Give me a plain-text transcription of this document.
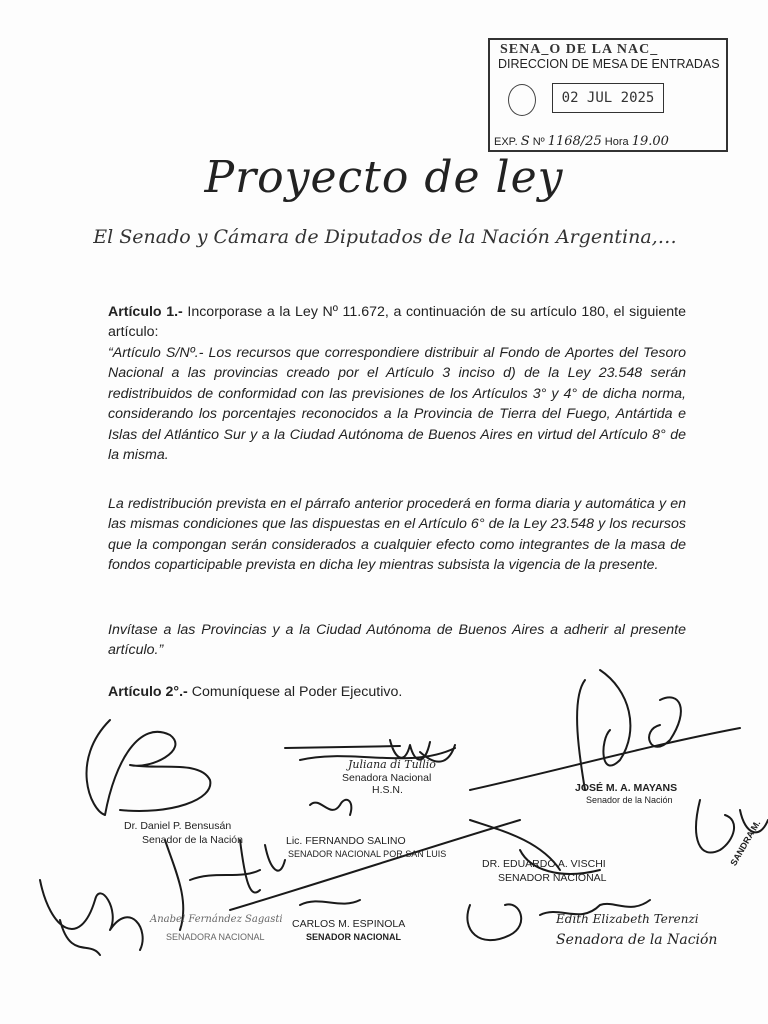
SENA_O DE LA NAC_
DIRECCION DE MESA DE ENTRADAS
02 JUL 2025
EXP. S Nº 1168/25 Hora 19.00
Proyecto de ley
El Senado y Cámara de Diputados de la Nación Argentina,…
Artículo 1.- Incorporase a la Ley Nº 11.672, a continuación de su artículo 180, el siguiente artículo:
“Artículo S/Nº.- Los recursos que correspondiere distribuir al Fondo de Aportes del Tesoro Nacional a las provincias creado por el Artículo 3 inciso d) de la Ley 23.548 serán redistribuidos de conformidad con las previsiones de los Artículos 3° y 4° de dicha norma, considerando los porcentajes reconocidos a la Provincia de Tierra del Fuego, Antártida e Islas del Atlántico Sur y a la Ciudad Autónoma de Buenos Aires en virtud del Artículo 8° de la misma.
La redistribución prevista en el párrafo anterior procederá en forma diaria y automática y en las mismas condiciones que las dispuestas en el Artículo 6° de la Ley 23.548 y los recursos que la compongan serán considerados a cualquier efecto como integrantes de la masa de fondos coparticipable prevista en dicha ley mientras subsista la vigencia de la presente.
Invítase a las Provincias y a la Ciudad Autónoma de Buenos Aires a adherir al presente artículo.”
Artículo 2°.- Comuníquese al Poder Ejecutivo.
Juliana di Tullio
Senadora Nacional
H.S.N.	JOSÉ M. A. MAYANS
Senador de la Nación
Dr. Daniel P. Bensusán
Senador de la Nación	Lic. FERNANDO SALINO
SENADOR NACIONAL POR SAN LUIS
DR. EDUARDO A. VISCHI
SENADOR NACIONAL
Anabel Fernández Sagasti
SENADORA NACIONAL
CARLOS M. ESPINOLA
SENADOR NACIONAL
Edith Elizabeth Terenzi
Senadora de la Nación
SANDRA M.
